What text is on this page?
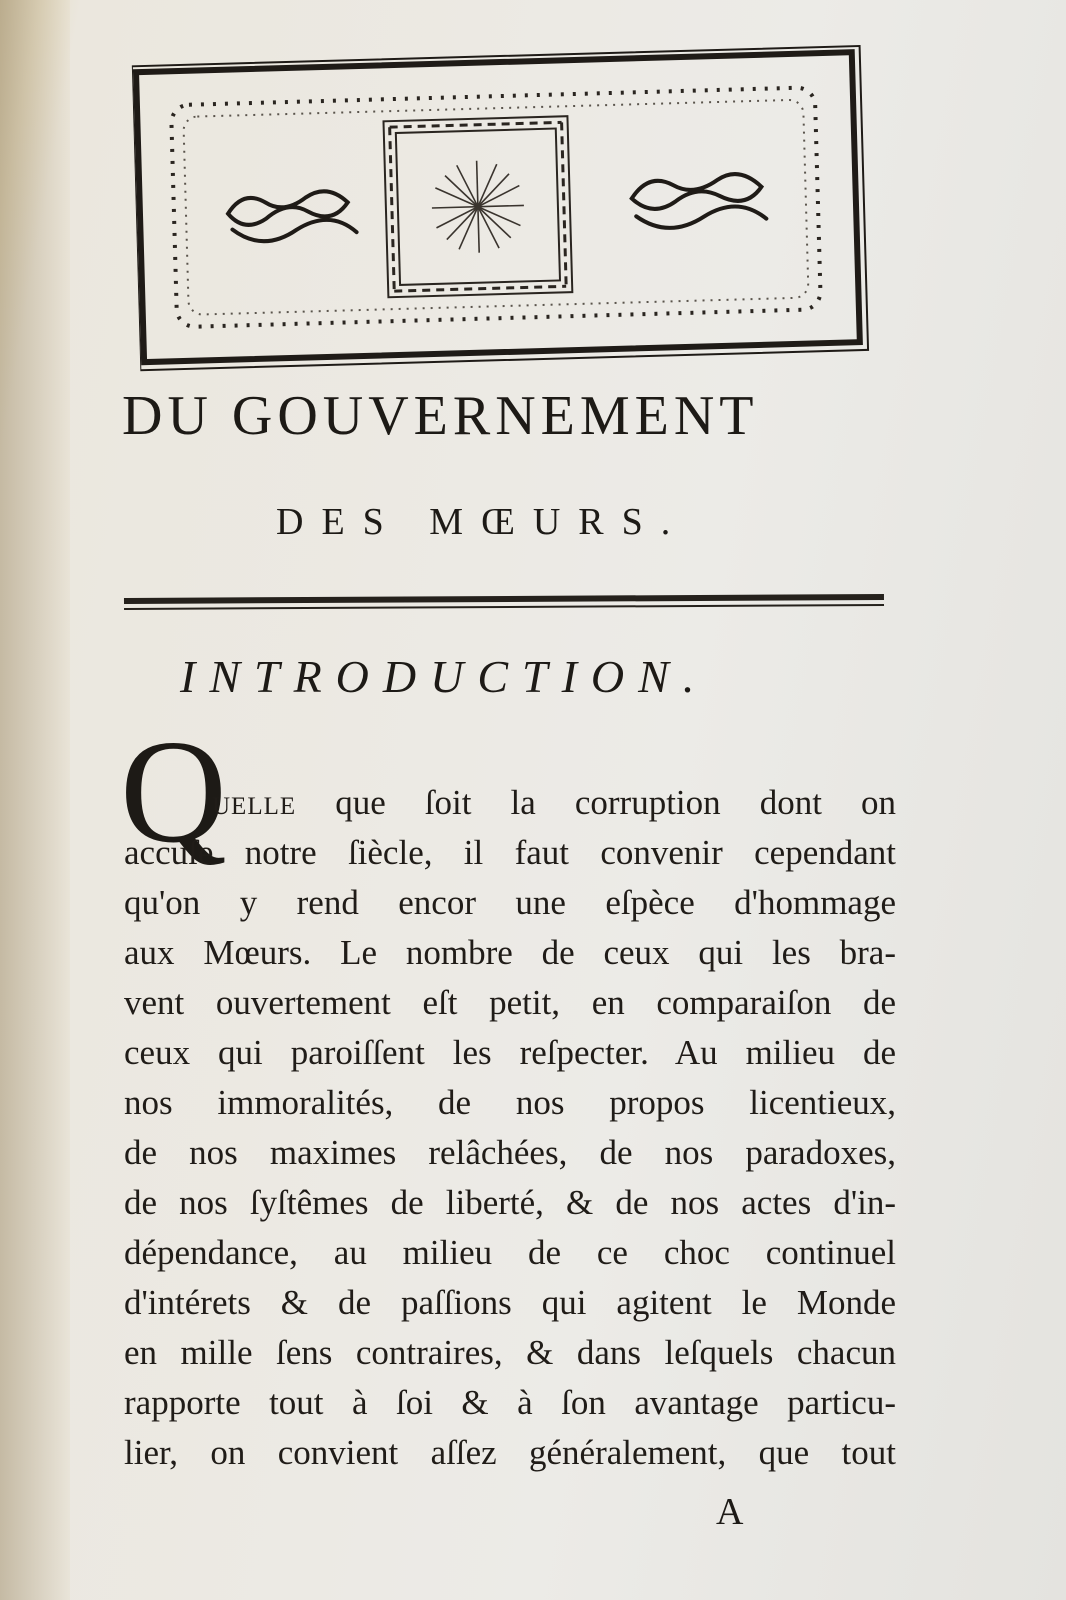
DU GOUVERNEMENT
DES MŒURS.
INTRODUCTION.
Q
uelle que ſoit la corruption dont on
accuſe notre ſiècle, il faut convenir cependant
qu'on y rend encor une eſpèce d'hommage
aux Mœurs. Le nombre de ceux qui les bra-
vent ouvertement eſt petit, en comparaiſon de
ceux qui paroiſſent les reſpecter. Au milieu de
nos immoralités, de nos propos licentieux,
de nos maximes relâchées, de nos paradoxes,
de nos ſyſtêmes de liberté, & de nos actes d'in-
dépendance, au milieu de ce choc continuel
d'intérets & de paſſions qui agitent le Monde
en mille ſens contraires, & dans leſquels chacun
rapporte tout à ſoi & à ſon avantage particu-
lier, on convient aſſez généralement, que tout
A
